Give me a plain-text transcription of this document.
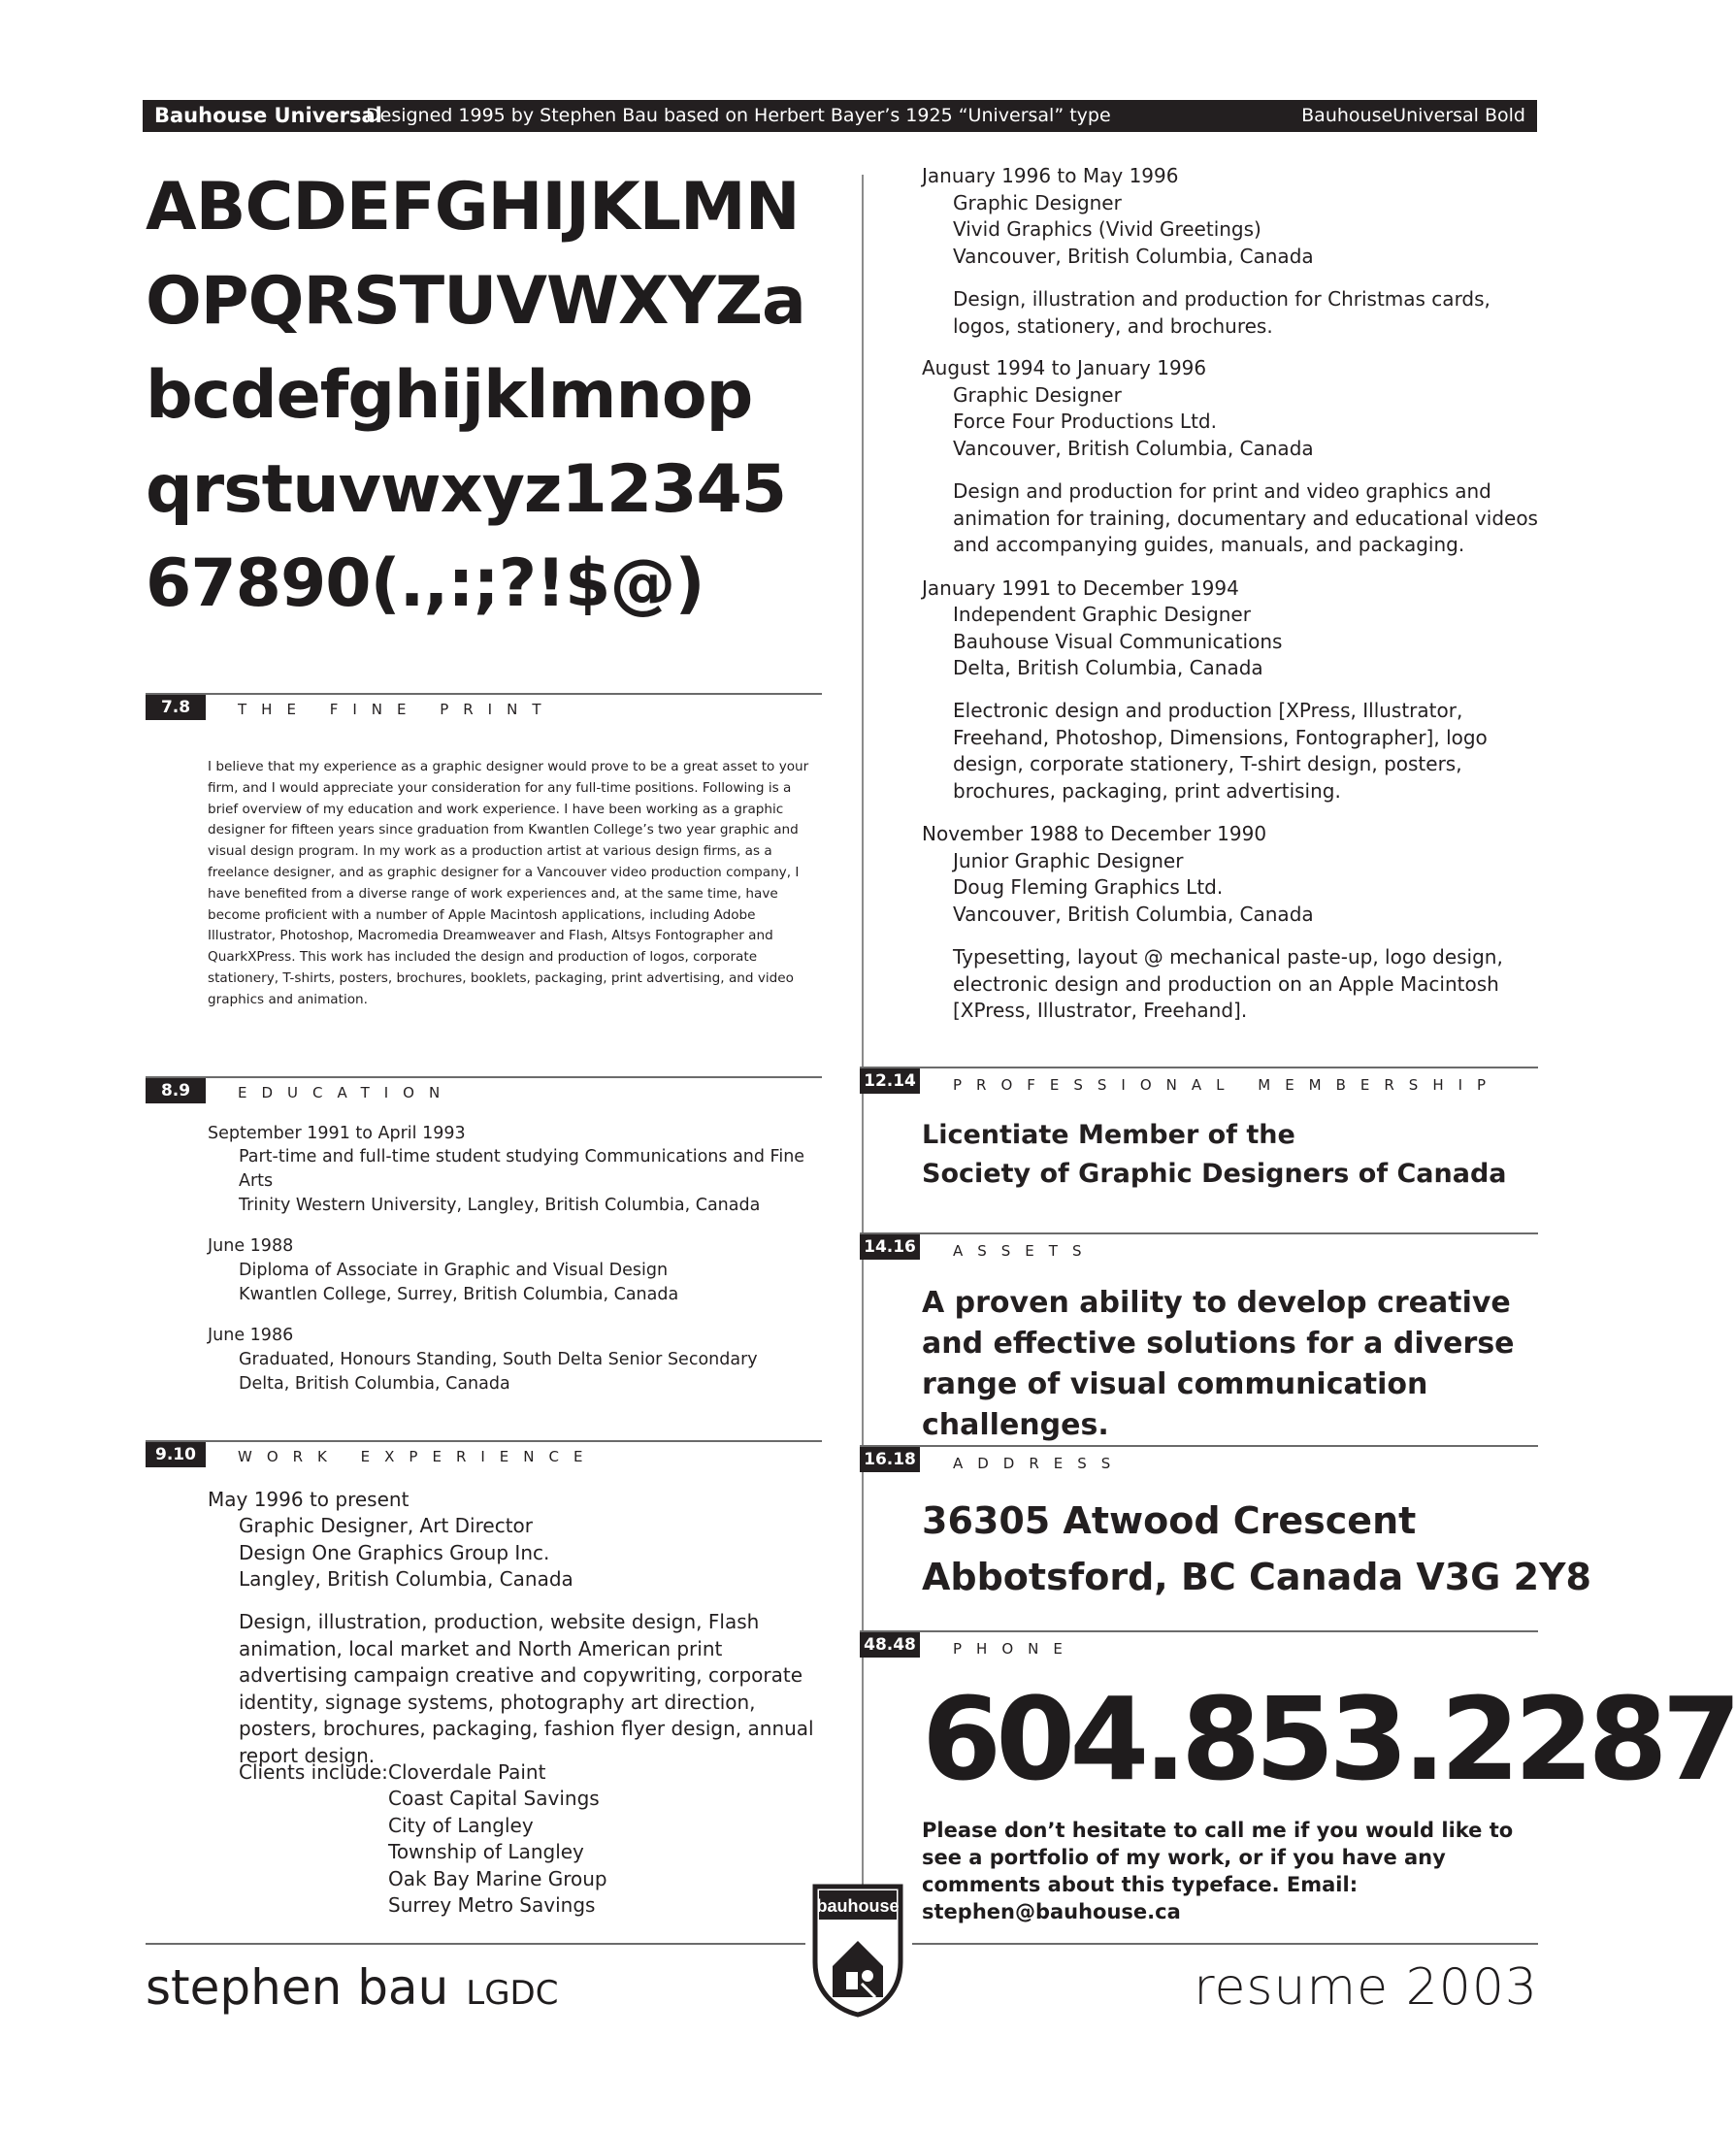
Bauhouse Universal
Designed 1995 by Stephen Bau based on Herbert Bayer’s 1925 “Universal” type	BauhouseUniversal Bold
ABCDEFGHIJKLMN
OPQRSTUVWXYZa
bcdefghijklmnop
qrstuvwxyz12345
67890(.,:;?!$@)
7.8	THE FINE PRINT
I believe that my experience as a graphic designer would prove to be a great asset to your firm, and I would appreciate your consideration for any full-time positions. Following is a brief overview of my education and work experience. I have been working as a graphic designer for fifteen years since graduation from Kwantlen College’s two year graphic and visual design program. In my work as a production artist at various design firms, as a freelance designer, and as graphic designer for a Vancouver video production company, I have benefited from a diverse range of work experiences and, at the same time, have become proficient with a number of Apple Macintosh applications, including Adobe Illustrator, Photoshop, Macromedia Dreamweaver and Flash, Altsys Fontographer and QuarkXPress. This work has included the design and production of logos, corporate stationery, T-shirts, posters, brochures, booklets, packaging, print advertising, and video graphics and animation.
8.9	EDUCATION
September 1991 to April 1993
Part-time and full-time student studying Communications and Fine
Arts
Trinity Western University, Langley, British Columbia, Canada
June 1988
Diploma of Associate in Graphic and Visual Design
Kwantlen College, Surrey, British Columbia, Canada
June 1986
Graduated, Honours Standing, South Delta Senior Secondary
Delta, British Columbia, Canada
9.10	WORK EXPERIENCE
May 1996 to present
Graphic Designer, Art Director
Design One Graphics Group Inc.
Langley, British Columbia, Canada
Design, illustration, production, website design, Flash animation, local market and North American print advertising campaign creative and copywriting, corporate identity, signage systems, photography art direction, posters, brochures, packaging, fashion flyer design, annual report design.
Clients include: Cloverdale Paint
Coast Capital Savings
City of Langley
Township of Langley
Oak Bay Marine Group
Surrey Metro Savings
January 1996 to May 1996
Graphic Designer
Vivid Graphics (Vivid Greetings)
Vancouver, British Columbia, Canada
Design, illustration and production for Christmas cards, logos, stationery, and brochures.
August 1994 to January 1996
Graphic Designer
Force Four Productions Ltd.
Vancouver, British Columbia, Canada
Design and production for print and video graphics and animation for training, documentary and educational videos and accompanying guides, manuals, and packaging.
January 1991 to December 1994
Independent Graphic Designer
Bauhouse Visual Communications
Delta, British Columbia, Canada
Electronic design and production [XPress, Illustrator, Freehand, Photoshop, Dimensions, Fontographer], logo design, corporate stationery, T-shirt design, posters, brochures, packaging, print advertising.
November 1988 to December 1990
Junior Graphic Designer
Doug Fleming Graphics Ltd.
Vancouver, British Columbia, Canada
Typesetting, layout @ mechanical paste-up, logo design, electronic design and production on an Apple Macintosh [XPress, Illustrator, Freehand].
12.14	PROFESSIONAL MEMBERSHIP
Licentiate Member of the
Society of Graphic Designers of Canada
14.16	ASSETS
A proven ability to develop creative and effective solutions for a diverse range of visual communication challenges.
16.18	ADDRESS
36305 Atwood Crescent
Abbotsford, BC Canada V3G 2Y8
48.48	PHONE
604.853.2287
Please don’t hesitate to call me if you would like to see a portfolio of my work, or if you have any comments about this typeface. Email: stephen@bauhouse.ca
stephen bau LGDC	resume 2003
bauhouse
